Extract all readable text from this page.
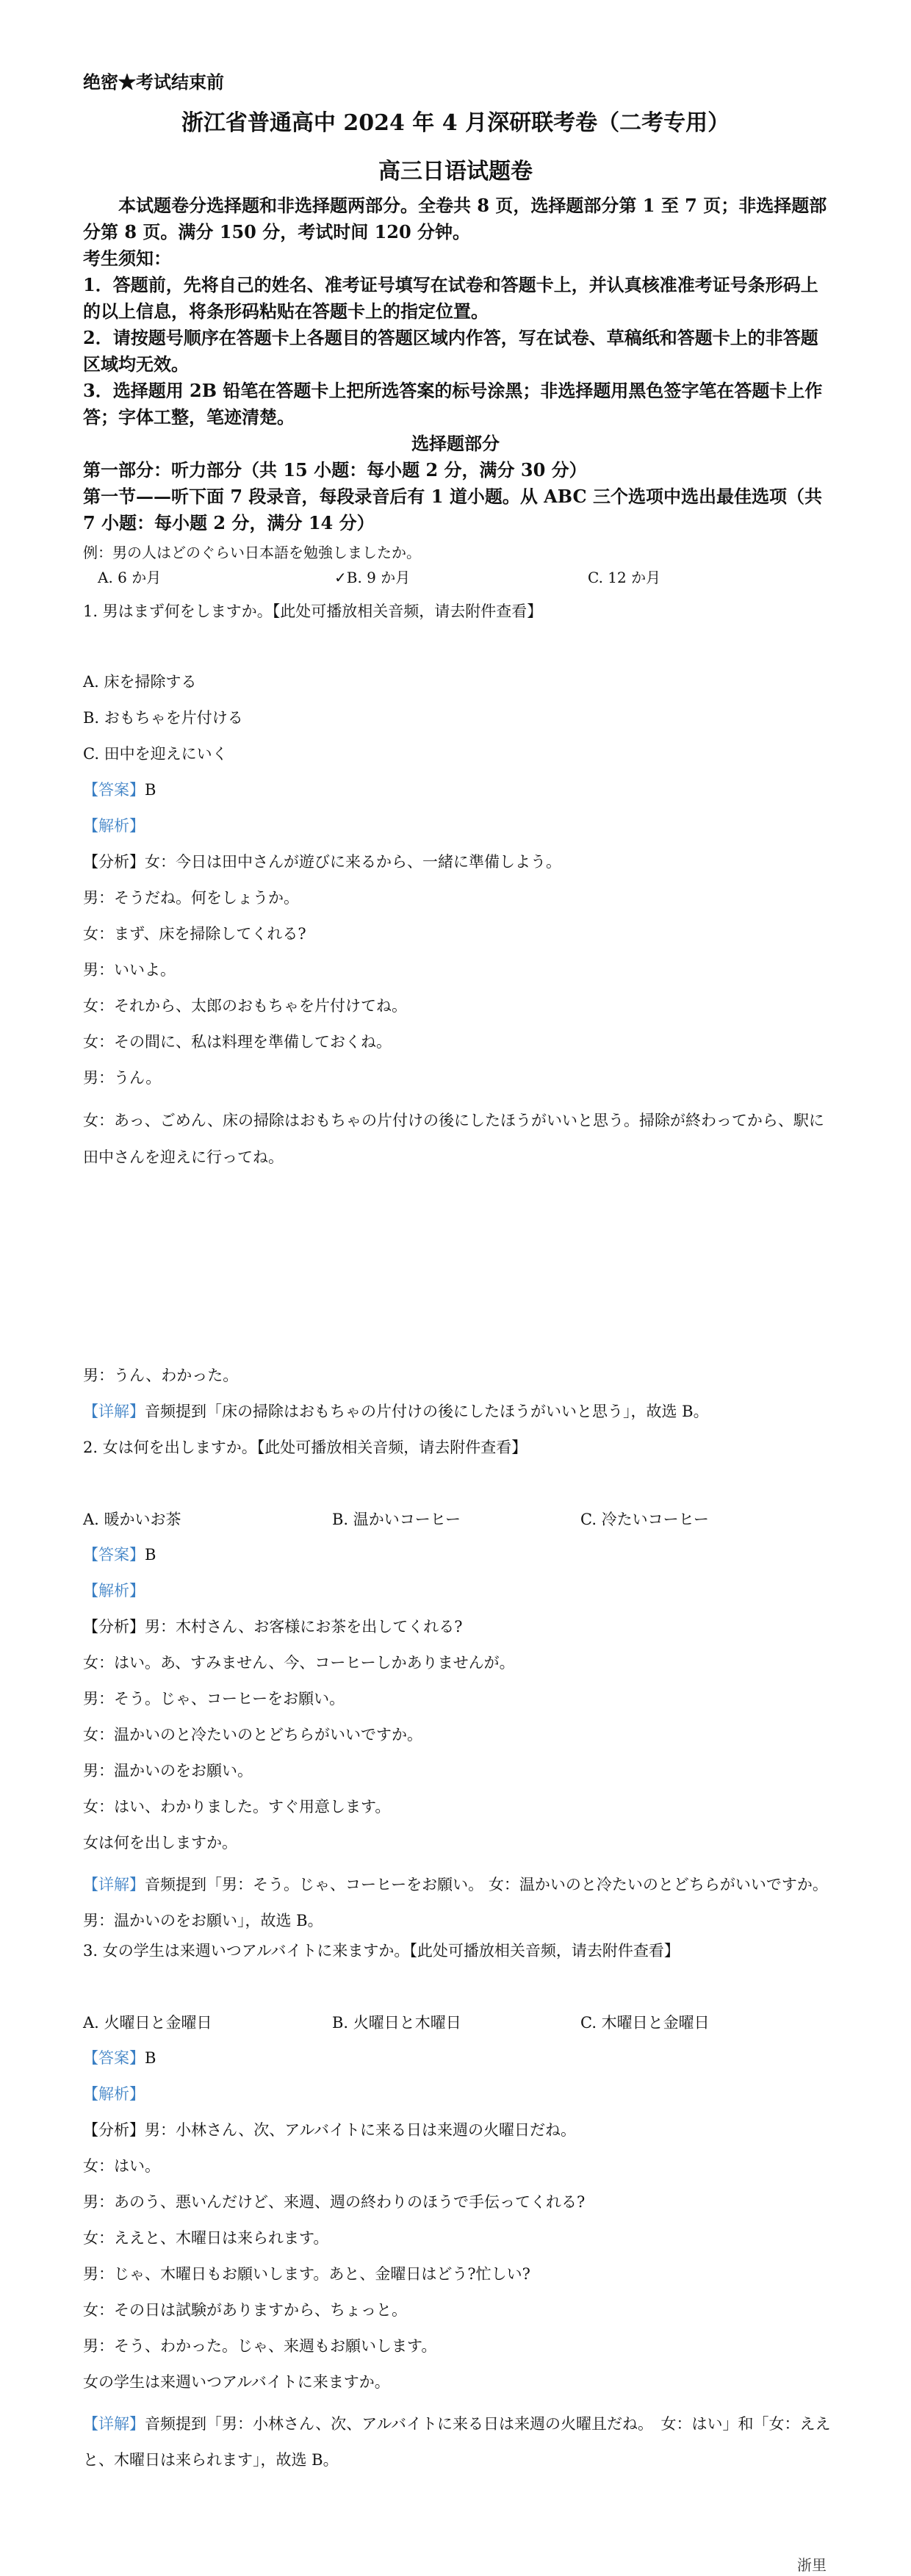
绝密★考试结束前
浙江省普通高中 2024 年 4 月深研联考卷（二考专用）
高三日语试题卷
本试题卷分选择题和非选择题两部分。全卷共 8 页，选择题部分第 1 至 7 页；非选择题部分第 8 页。满分 150 分，考试时间 120 分钟。
考生须知：
1．答题前，先将自己的姓名、准考证号填写在试卷和答题卡上，并认真核准准考证号条形码上的以上信息，将条形码粘贴在答题卡上的指定位置。
2．请按题号顺序在答题卡上各题目的答题区域内作答，写在试卷、草稿纸和答题卡上的非答题区域均无效。
3．选择题用 2B 铅笔在答题卡上把所选答案的标号涂黑；非选择题用黑色签字笔在答题卡上作答；字体工整，笔迹清楚。
选择题部分
第一部分：听力部分（共 15 小题：每小题 2 分，满分 30 分）
第一节——听下面 7 段录音，每段录音后有 1 道小题。从 ABC 三个选项中选出最佳选项（共 7 小题：每小题 2 分，满分 14 分）
例：男の人はどのぐらい日本語を勉強しましたか。
A. 6 か月	✓B. 9 か月	C. 12 か月
1. 男はまず何をしますか。【此处可播放相关音频，请去附件查看】
A. 床を掃除する
B. おもちゃを片付ける
C. 田中を迎えにいく
【答案】B
【解析】
【分析】女：今日は田中さんが遊びに来るから、一緒に準備しよう。
男：そうだね。何をしょうか。
女：まず、床を掃除してくれる?
男：いいよ。
女：それから、太郎のおもちゃを片付けてね。
女：その間に、私は料理を準備しておくね。
男：うん。
女：あっ、ごめん、床の掃除はおもちゃの片付けの後にしたほうがいいと思う。掃除が終わってから、駅に田中さんを迎えに行ってね。
男：うん、わかった。
【详解】音频提到「床の掃除はおもちゃの片付けの後にしたほうがいいと思う」，故选 B。
2. 女は何を出しますか。【此处可播放相关音频，请去附件查看】
A. 暖かいお茶	B. 温かいコーヒー	C. 冷たいコーヒー
【答案】B
【解析】
【分析】男：木村さん、お客様にお茶を出してくれる?
女：はい。あ、すみません、今、コーヒーしかありませんが。
男：そう。じゃ、コーヒーをお願い。
女：温かいのと冷たいのとどちらがいいですか。
男：温かいのをお願い。
女：はい、わかりました。すぐ用意します。
女は何を出しますか。
【详解】音频提到「男：そう。じゃ、コーヒーをお願い。 女：温かいのと冷たいのとどちらがいいですか。男：温かいのをお願い」，故选 B。
3. 女の学生は来週いつアルバイトに来ますか。【此处可播放相关音频，请去附件查看】
A. 火曜日と金曜日	B. 火曜日と木曜日	C. 木曜日と金曜日
【答案】B
【解析】
【分析】男：小林さん、次、アルバイトに来る日は来週の火曜日だね。
女：はい。
男：あのう、悪いんだけど、来週、週の終わりのほうで手伝ってくれる?
女：ええと、木曜日は来られます。
男：じゃ、木曜日もお願いします。あと、金曜日はどう?忙しい?
女：その日は試験がありますから、ちょっと。
男：そう、わかった。じゃ、来週もお願いします。
女の学生は来週いつアルバイトに来ますか。
【详解】音频提到「男：小林さん、次、アルバイトに来る日は来週の火曜且だね。　女：はい」和「女：ええと、木曜日は来られます」，故选 B。
浙里
